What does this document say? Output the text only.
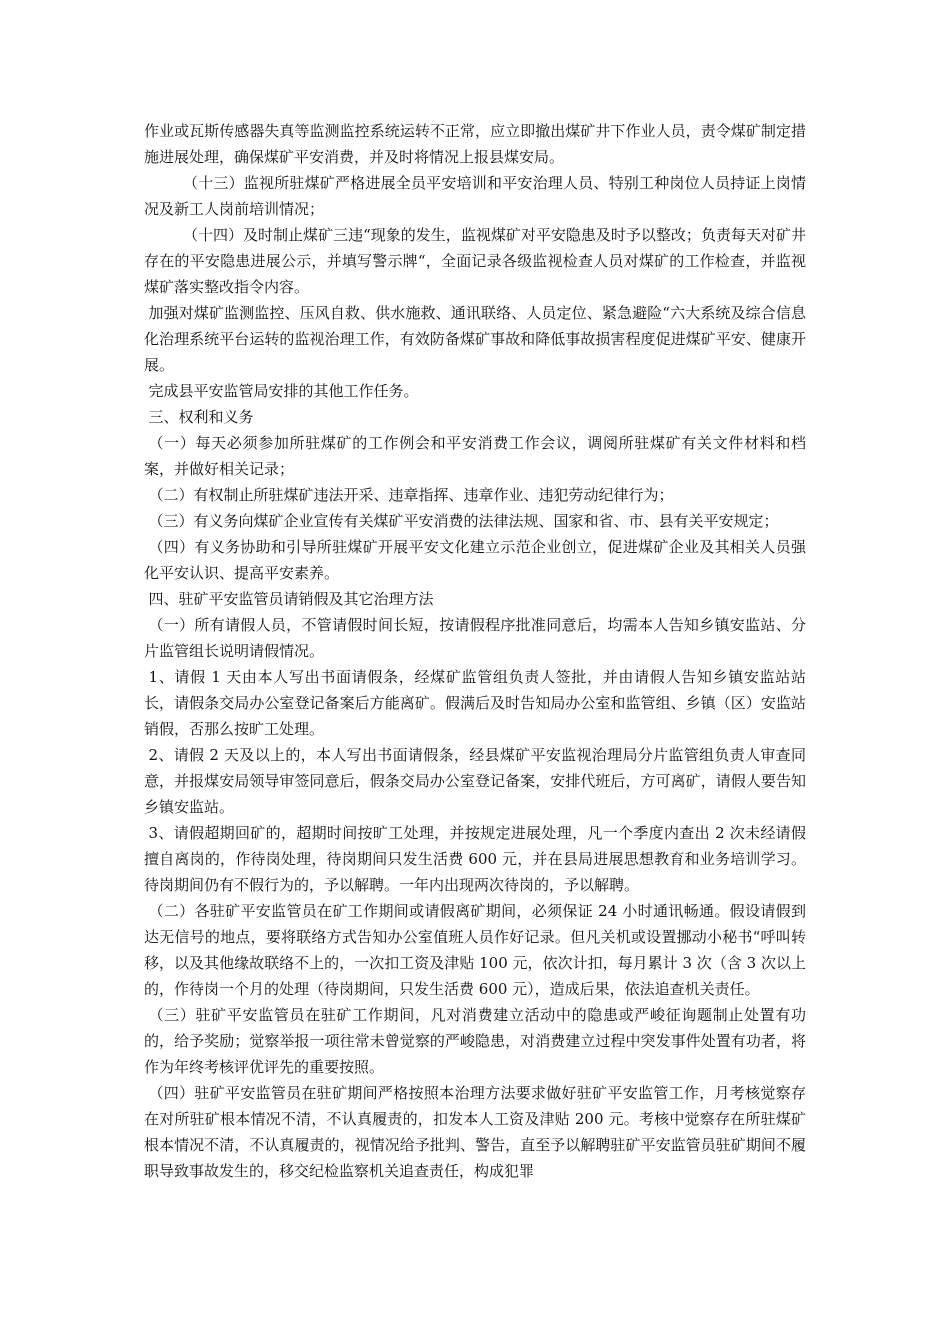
作业或瓦斯传感器失真等监测监控系统运转不正常，应立即撤出煤矿井下作业人员，责令煤矿制定措施进展处理，确保煤矿平安消费，并及时将情况上报县煤安局。

（十三）监视所驻煤矿严格进展全员平安培训和平安治理人员、特别工种岗位人员持证上岗情况及新工人岗前培训情况；

（十四）及时制止煤矿三违“现象的发生，监视煤矿对平安隐患及时予以整改；负责每天对矿井存在的平安隐患进展公示，并填写警示牌“，全面记录各级监视检查人员对煤矿的工作检查，并监视煤矿落实整改指令内容。

加强对煤矿监测监控、压风自救、供水施救、通讯联络、人员定位、紧急避险“六大系统及综合信息化治理系统平台运转的监视治理工作，有效防备煤矿事故和降低事故损害程度促进煤矿平安、健康开展。

完成县平安监管局安排的其他工作任务。

三、权利和义务

（一）每天必须参加所驻煤矿的工作例会和平安消费工作会议，调阅所驻煤矿有关文件材料和档案，并做好相关记录；

（二）有权制止所驻煤矿违法开采、违章指挥、违章作业、违犯劳动纪律行为；

（三）有义务向煤矿企业宣传有关煤矿平安消费的法律法规、国家和省、市、县有关平安规定；

（四）有义务协助和引导所驻煤矿开展平安文化建立示范企业创立，促进煤矿企业及其相关人员强化平安认识、提高平安素养。

四、驻矿平安监管员请销假及其它治理方法

（一）所有请假人员，不管请假时间长短，按请假程序批准同意后，均需本人告知乡镇安监站、分片监管组长说明请假情况。

1、请假 1 天由本人写出书面请假条，经煤矿监管组负责人签批，并由请假人告知乡镇安监站站长，请假条交局办公室登记备案后方能离矿。假满后及时告知局办公室和监管组、乡镇（区）安监站销假，否那么按旷工处理。

2、请假 2 天及以上的，本人写出书面请假条，经县煤矿平安监视治理局分片监管组负责人审查同意，并报煤安局领导审签同意后，假条交局办公室登记备案，安排代班后，方可离矿，请假人要告知乡镇安监站。

3、请假超期回矿的，超期时间按旷工处理，并按规定进展处理，凡一个季度内查出 2 次未经请假擅自离岗的，作待岗处理，待岗期间只发生活费 600 元，并在县局进展思想教育和业务培训学习。待岗期间仍有不假行为的，予以解聘。一年内出现两次待岗的，予以解聘。

（二）各驻矿平安监管员在矿工作期间或请假离矿期间，必须保证 24 小时通讯畅通。假设请假到达无信号的地点，要将联络方式告知办公室值班人员作好记录。但凡关机或设置挪动小秘书“呼叫转移，以及其他缘故联络不上的，一次扣工资及津贴 100 元，依次计扣，每月累计 3 次（含 3 次以上的，作待岗一个月的处理（待岗期间，只发生活费 600 元），造成后果，依法追查机关责任。

（三）驻矿平安监管员在驻矿工作期间，凡对消费建立活动中的隐患或严峻征询题制止处置有功的，给予奖励；觉察举报一项往常未曾觉察的严峻隐患，对消费建立过程中突发事件处置有功者，将作为年终考核评优评先的重要按照。

（四）驻矿平安监管员在驻矿期间严格按照本治理方法要求做好驻矿平安监管工作，月考核觉察存在对所驻矿根本情况不清，不认真履责的，扣发本人工资及津贴 200 元。考核中觉察存在所驻煤矿根本情况不清，不认真履责的，视情况给予批判、警告，直至予以解聘驻矿平安监管员驻矿期间不履职导致事故发生的，移交纪检监察机关追查责任，构成犯罪
